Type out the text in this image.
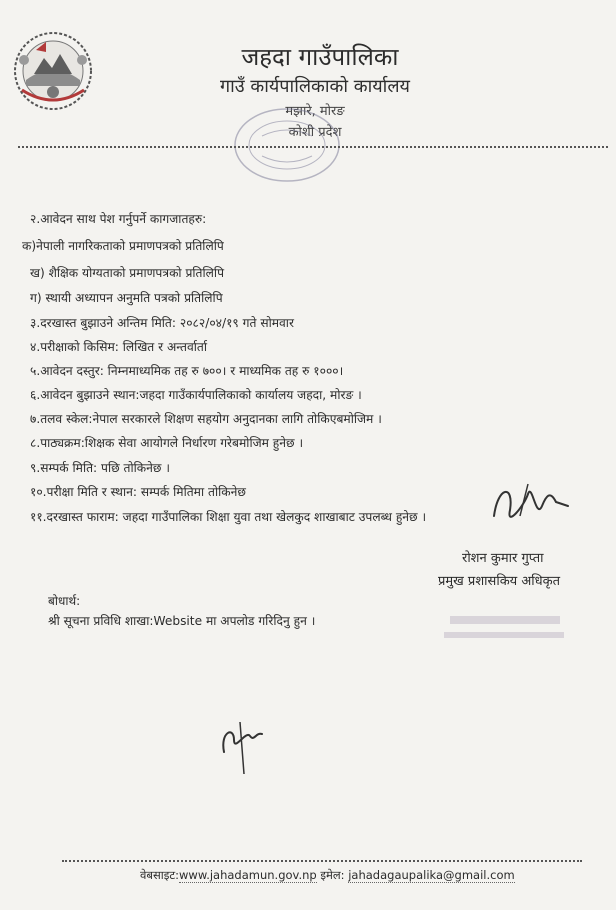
जहदा गाउँपालिका
गाउँ कार्यपालिकाको कार्यालय
मझारे, मोरङ
कोशी प्रदेश
२.आवेदन साथ पेश गर्नुपर्ने कागजातहरु:
क)नेपाली नागरिकताको प्रमाणपत्रको प्रतिलिपि
ख) शैक्षिक योग्यताको प्रमाणपत्रको प्रतिलिपि
ग) स्थायी अध्यापन अनुमति पत्रको प्रतिलिपि
३.दरखास्त बुझाउने अन्तिम मिति: २०८२/०४/१९ गते सोमवार
४.परीक्षाको किसिम: लिखित र अन्तर्वार्ता
५.आवेदन दस्तुर: निम्नमाध्यमिक तह रु ७००। र माध्यमिक तह रु १०००।
६.आवेदन बुझाउने स्थान:जहदा गाउँकार्यपालिकाको कार्यालय जहदा, मोरङ ।
७.तलव स्केल:नेपाल सरकारले शिक्षण सहयोग अनुदानका लागि तोकिएबमोजिम ।
८.पाठ्यक्रम:शिक्षक सेवा आयोगले निर्धारण गरेबमोजिम हुनेछ ।
९.सम्पर्क मिति: पछि तोकिनेछ ।
१०.परीक्षा मिति र स्थान: सम्पर्क मितिमा तोकिनेछ
११.दरखास्त फाराम: जहदा गाउँपालिका शिक्षा युवा तथा खेलकुद शाखाबाट उपलब्ध हुनेछ ।
रोशन कुमार गुप्ता
प्रमुख प्रशासकिय अधिकृत
बोधार्थ:
श्री सूचना प्रविधि शाखा:Website मा अपलोड गरिदिनु हुन ।
वेबसाइट:www.jahadamun.gov.np इमेल: jahadagaupalika@gmail.com
